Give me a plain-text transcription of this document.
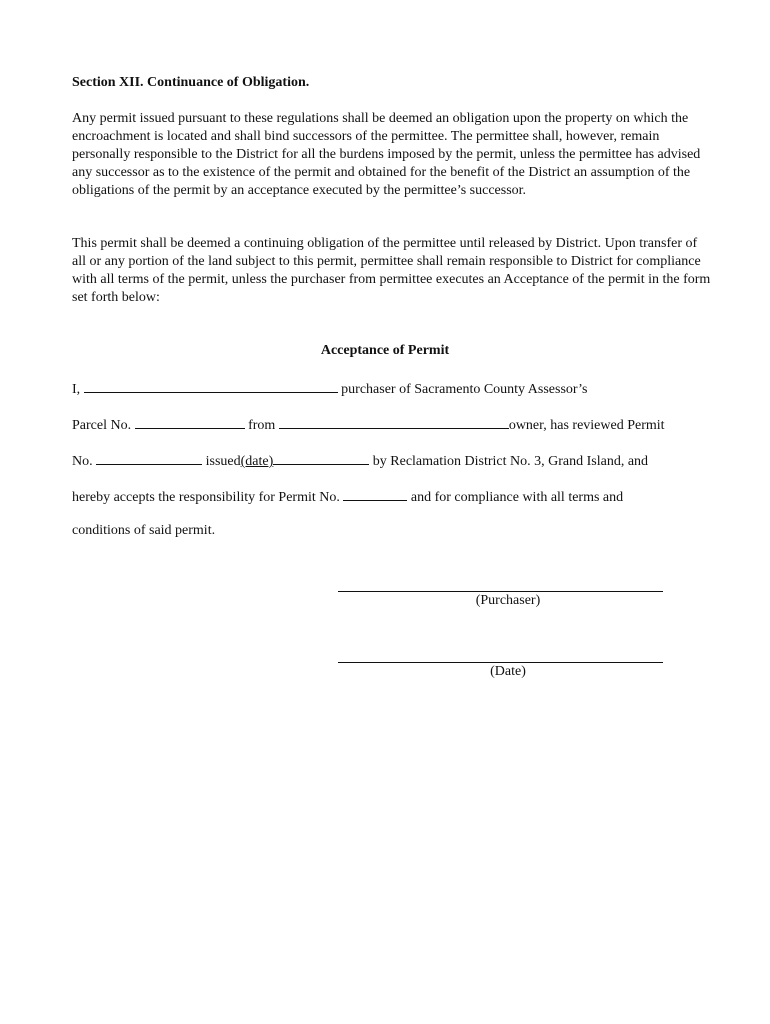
Section XII. Continuance of Obligation.
Any permit issued pursuant to these regulations shall be deemed an obligation upon the property on which the encroachment is located and shall bind successors of the permittee. The permittee shall, however, remain personally responsible to the District for all the burdens imposed by the permit, unless the permittee has advised any successor as to the existence of the permit and obtained for the benefit of the District an assumption of the obligations of the permit by an acceptance executed by the permittee’s successor.
This permit shall be deemed a continuing obligation of the permittee until released by District. Upon transfer of all or any portion of the land subject to this permit, permittee shall remain responsible to District for compliance with all terms of the permit, unless the purchaser from permittee executes an Acceptance of the permit in the form set forth below:
Acceptance of Permit
I,	purchaser of Sacramento County Assessor’s
Parcel No.	from	owner, has reviewed Permit
No.	issued(date)	by Reclamation District No. 3, Grand Island, and
hereby accepts the responsibility for Permit No.	and for compliance with all terms and
conditions of said permit.
(Purchaser)
(Date)
